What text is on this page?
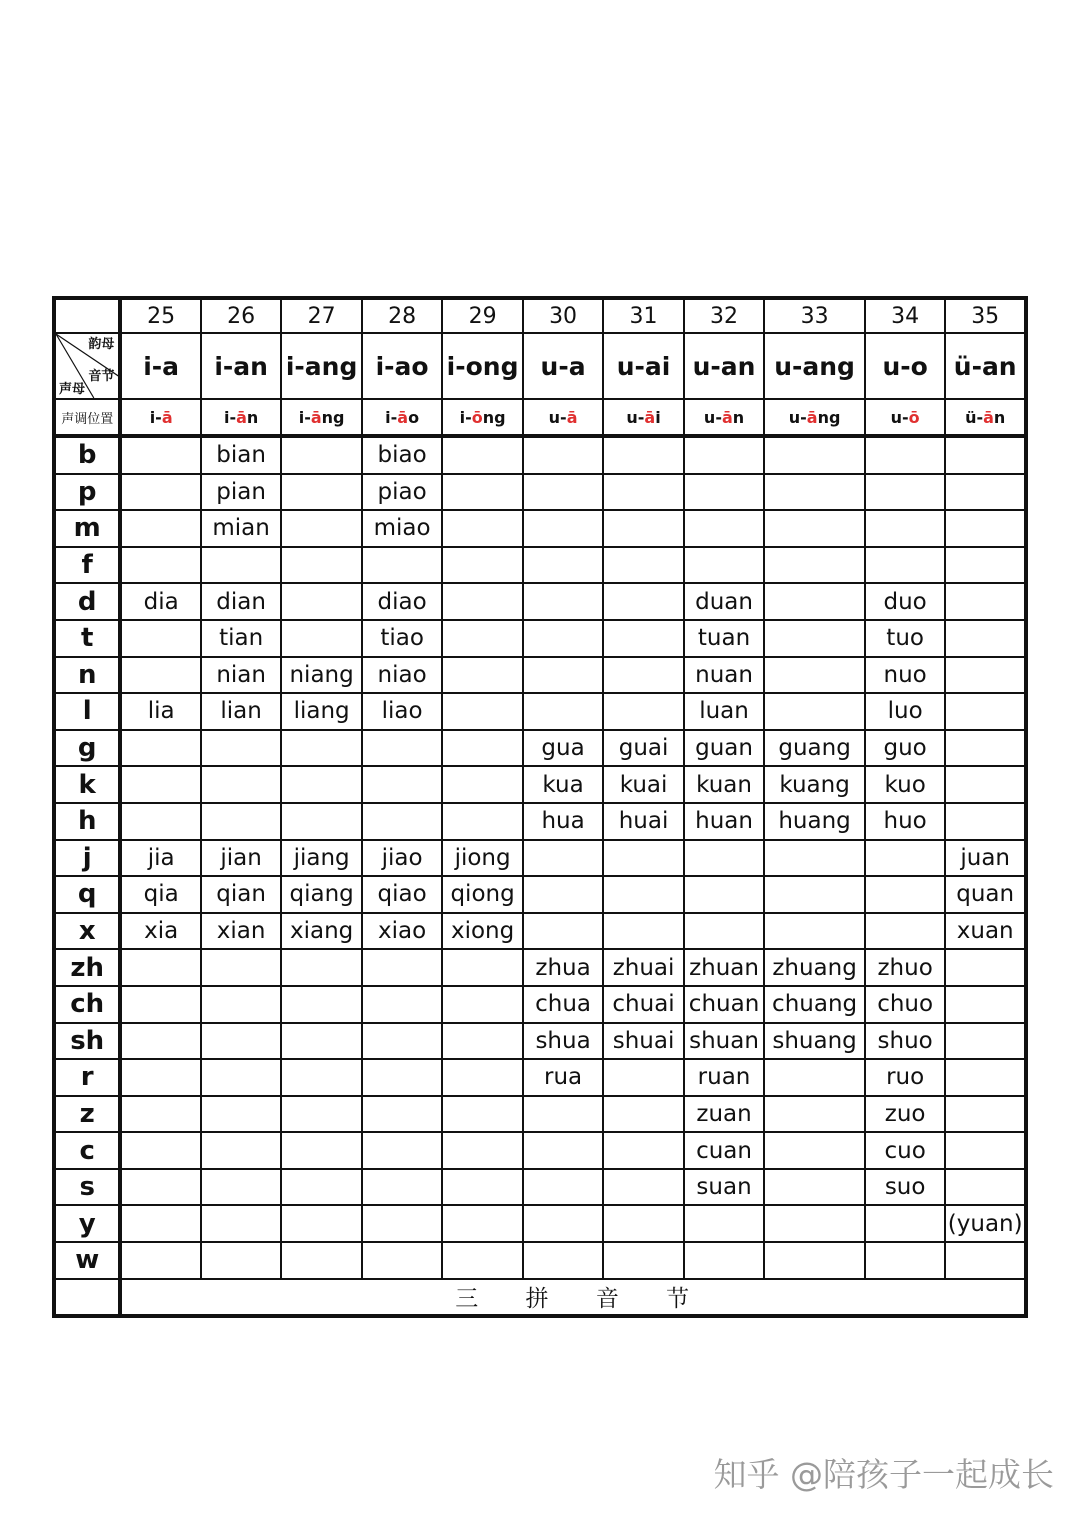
	25	26	27	28	29	30	31	32	33	34	35

韵母
音节
声母	i-a	i-an	i-ang	i-ao	i-ong	u-a	u-ai	u-an	u-ang	u-o	ü-an
声调位置	i-ā	i-ān	i-āng	i-āo	i-ōng	u-ā	u-āi	u-ān	u-āng	u-ō	ü-ān
b		bian		biao							
p		pian		piao							
m		mian		miao							
f											
d	dia	dian		diao				duan		duo	
t		tian		tiao				tuan		tuo	
n		nian	niang	niao				nuan		nuo	
l	lia	lian	liang	liao				luan		luo	
g						gua	guai	guan	guang	guo	
k						kua	kuai	kuan	kuang	kuo	
h						hua	huai	huan	huang	huo	
j	jia	jian	jiang	jiao	jiong						juan
q	qia	qian	qiang	qiao	qiong						quan
x	xia	xian	xiang	xiao	xiong						xuan
zh						zhua	zhuai	zhuan	zhuang	zhuo	
ch						chua	chuai	chuan	chuang	chuo	
sh						shua	shuai	shuan	shuang	shuo	
r						rua		ruan		ruo	
z								zuan		zuo	
c								cuan		cuo	
s								suan		suo	
y											(yuan)
w											
	三 拼 音 节										
知乎 @陪孩子一起成长
